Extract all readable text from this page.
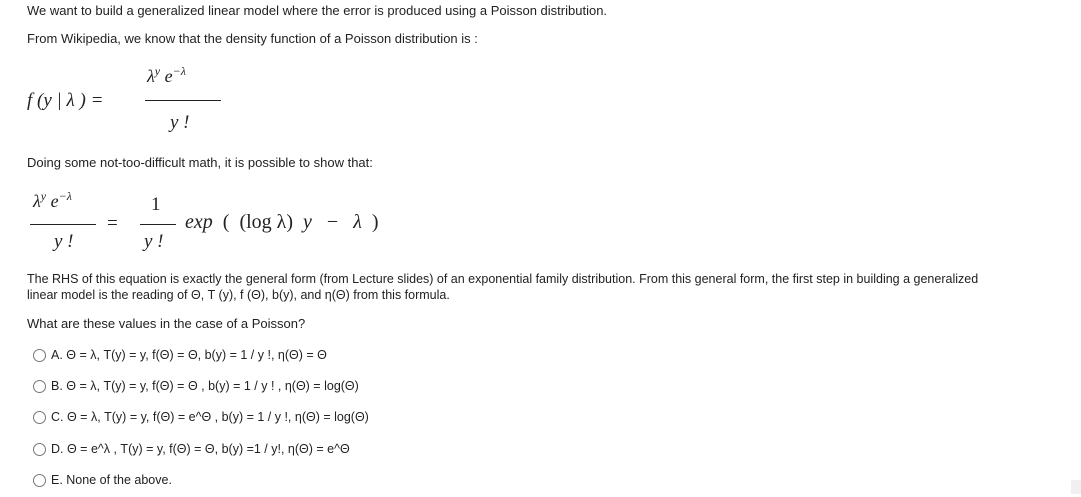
We want to build a generalized linear model where the error is produced using a Poisson distribution.
From Wikipedia, we know that the density function of a Poisson distribution is :
f (y | λ ) =
$\lambda^y$ $e^{-\lambda}$
y !
Doing some not-too-difficult math, it is possible to show that:
$\lambda^y$ $e^{-\lambda}$
y !
=
1
y !
exp ( (log λ) y − λ )
The RHS of this equation is exactly the general form (from Lecture slides) of an exponential family distribution. From this general form, the first step in building a generalized
linear model is the reading of Θ, T (y), f (Θ), b(y), and η(Θ) from this formula.
What are these values in the case of a Poisson?
A. Θ = λ, T(y) = y, f(Θ) = Θ, b(y) = 1 / y !, η(Θ) = Θ
B. Θ = λ, T(y) = y, f(Θ) = Θ , b(y) = 1 / y ! , η(Θ) = log(Θ)
C. Θ = λ, T(y) = y, f(Θ) = e^Θ , b(y) = 1 / y !, η(Θ) = log(Θ)
D. Θ = e^λ , T(y) = y, f(Θ) = Θ, b(y) =1 / y!, η(Θ) = e^Θ
E. None of the above.
